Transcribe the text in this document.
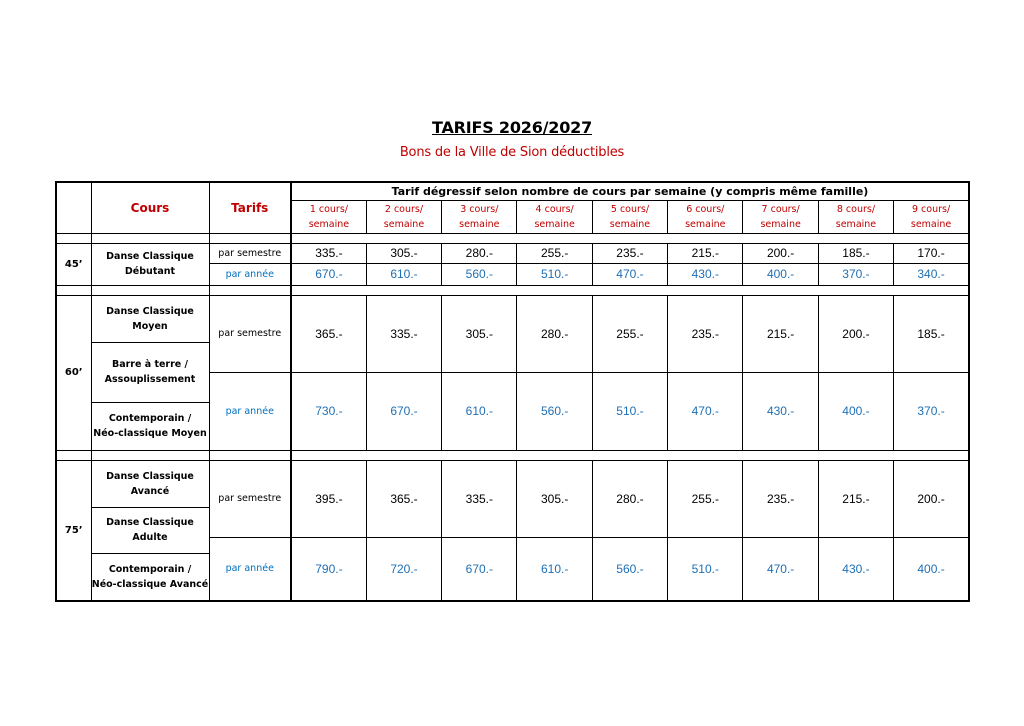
TARIFS 2026/2027
Bons de la Ville de Sion déductibles
	Cours	Tarifs	Tarif dégressif selon nombre de cours par semaine (y compris même famille)								
			1 cours/
semaine	2 cours/
semaine	3 cours/
semaine	4 cours/
semaine	5 cours/
semaine	6 cours/
semaine	7 cours/
semaine	8 cours/
semaine	9 cours/
semaine

45’	Danse Classique
Débutant	par semestre	335.-	305.-	280.-	255.-	235.-	215.-	200.-	185.-	170.-
		par année	670.-	610.-	560.-	510.-	470.-	430.-	400.-	370.-	340.-

60’	Danse Classique Moyen	par semestre	365.-	335.-	305.-	280.-	255.-	235.-	215.-	200.-	185.-
	Barre à terre /
Assouplissement										
		par année	730.-	670.-	610.-	560.-	510.-	470.-	430.-	400.-	370.-
	Contemporain /
Néo-classique Moyen										

75’	Danse Classique Avancé	par semestre	395.-	365.-	335.-	305.-	280.-	255.-	235.-	215.-	200.-
	Danse Classique Adulte										
		par année	790.-	720.-	670.-	610.-	560.-	510.-	470.-	430.-	400.-
	Contemporain /
Néo-classique Avancé										
